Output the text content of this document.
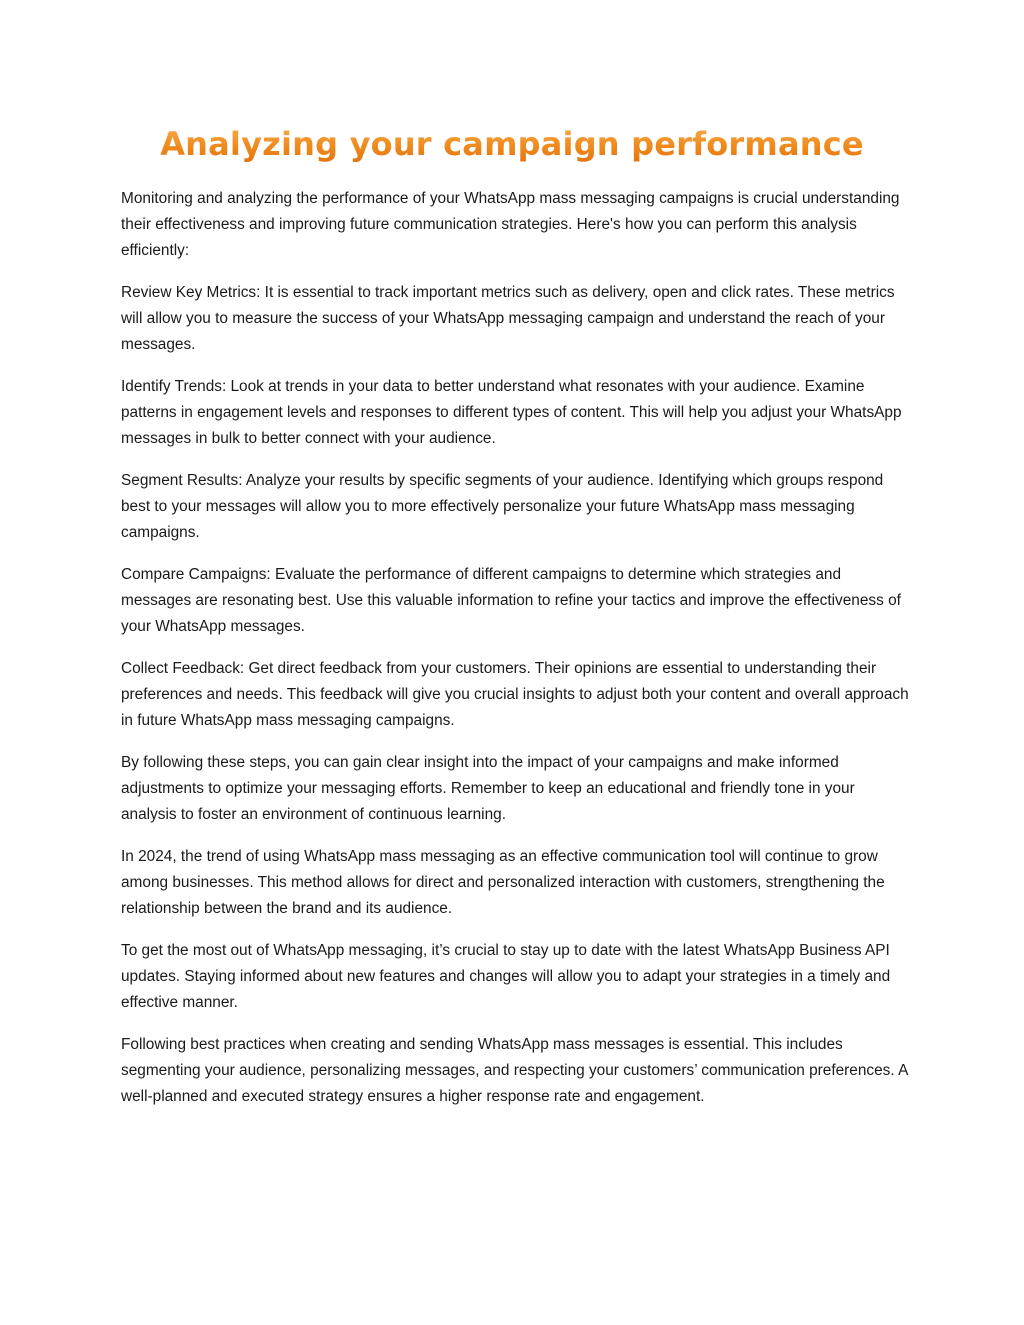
Analyzing your campaign performance

Monitoring and analyzing the performance of your WhatsApp mass messaging campaigns is crucial understanding their effectiveness and improving future communication strategies. Here's how you can perform this analysis efficiently:

Review Key Metrics: It is essential to track important metrics such as delivery, open and click rates. These metrics will allow you to measure the success of your WhatsApp messaging campaign and understand the reach of your messages.

Identify Trends: Look at trends in your data to better understand what resonates with your audience. Examine patterns in engagement levels and responses to different types of content. This will help you adjust your WhatsApp messages in bulk to better connect with your audience.

Segment Results: Analyze your results by specific segments of your audience. Identifying which groups respond best to your messages will allow you to more effectively personalize your future WhatsApp mass messaging campaigns.

Compare Campaigns: Evaluate the performance of different campaigns to determine which strategies and messages are resonating best. Use this valuable information to refine your tactics and improve the effectiveness of your WhatsApp messages.

Collect Feedback: Get direct feedback from your customers. Their opinions are essential to understanding their preferences and needs. This feedback will give you crucial insights to adjust both your content and overall approach in future WhatsApp mass messaging campaigns.

By following these steps, you can gain clear insight into the impact of your campaigns and make informed adjustments to optimize your messaging efforts. Remember to keep an educational and friendly tone in your analysis to foster an environment of continuous learning.

In 2024, the trend of using WhatsApp mass messaging as an effective communication tool will continue to grow among businesses. This method allows for direct and personalized interaction with customers, strengthening the relationship between the brand and its audience.

To get the most out of WhatsApp messaging, it’s crucial to stay up to date with the latest WhatsApp Business API updates. Staying informed about new features and changes will allow you to adapt your strategies in a timely and effective manner.

Following best practices when creating and sending WhatsApp mass messages is essential. This includes segmenting your audience, personalizing messages, and respecting your customers’ communication preferences. A well-planned and executed strategy ensures a higher response rate and engagement.
